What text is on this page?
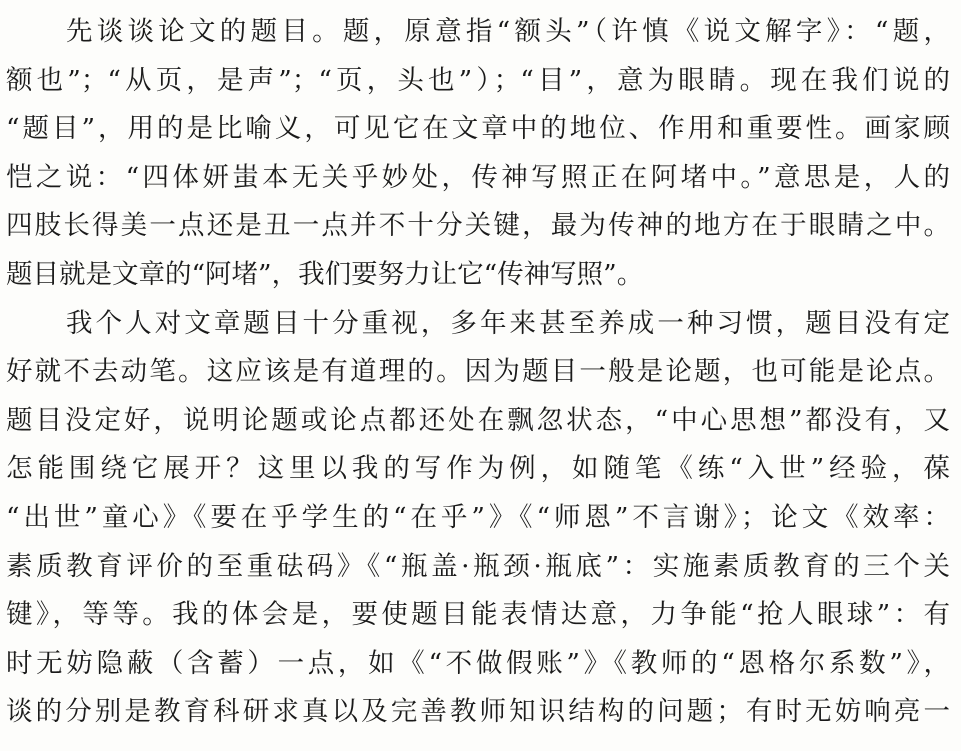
先谈谈论文的题目。题，原意指“额头”（许慎《说文解字》：“题，
额也”；“从页，是声”；“页，头也”）；“目”，意为眼睛。现在我们说的
“题目”，用的是比喻义，可见它在文章中的地位、作用和重要性。画家顾
恺之说：“四体妍蚩本无关乎妙处，传神写照正在阿堵中。”意思是，人的
四肢长得美一点还是丑一点并不十分关键，最为传神的地方在于眼睛之中。
题目就是文章的“阿堵”，我们要努力让它“传神写照”。
我个人对文章题目十分重视，多年来甚至养成一种习惯，题目没有定
好就不去动笔。这应该是有道理的。因为题目一般是论题，也可能是论点。
题目没定好，说明论题或论点都还处在飘忽状态，“中心思想”都没有，又
怎能围绕它展开？这里以我的写作为例，如随笔《练“入世”经验，葆
“出世”童心》《要在乎学生的“在乎”》《“师恩”不言谢》；论文《效率：
素质教育评价的至重砝码》《“瓶盖·瓶颈·瓶底”：实施素质教育的三个关
键》，等等。我的体会是，要使题目能表情达意，力争能“抢人眼球”：有
时无妨隐蔽（含蓄）一点，如《“不做假账”》《教师的“恩格尔系数”》，
谈的分别是教育科研求真以及完善教师知识结构的问题；有时无妨响亮一
